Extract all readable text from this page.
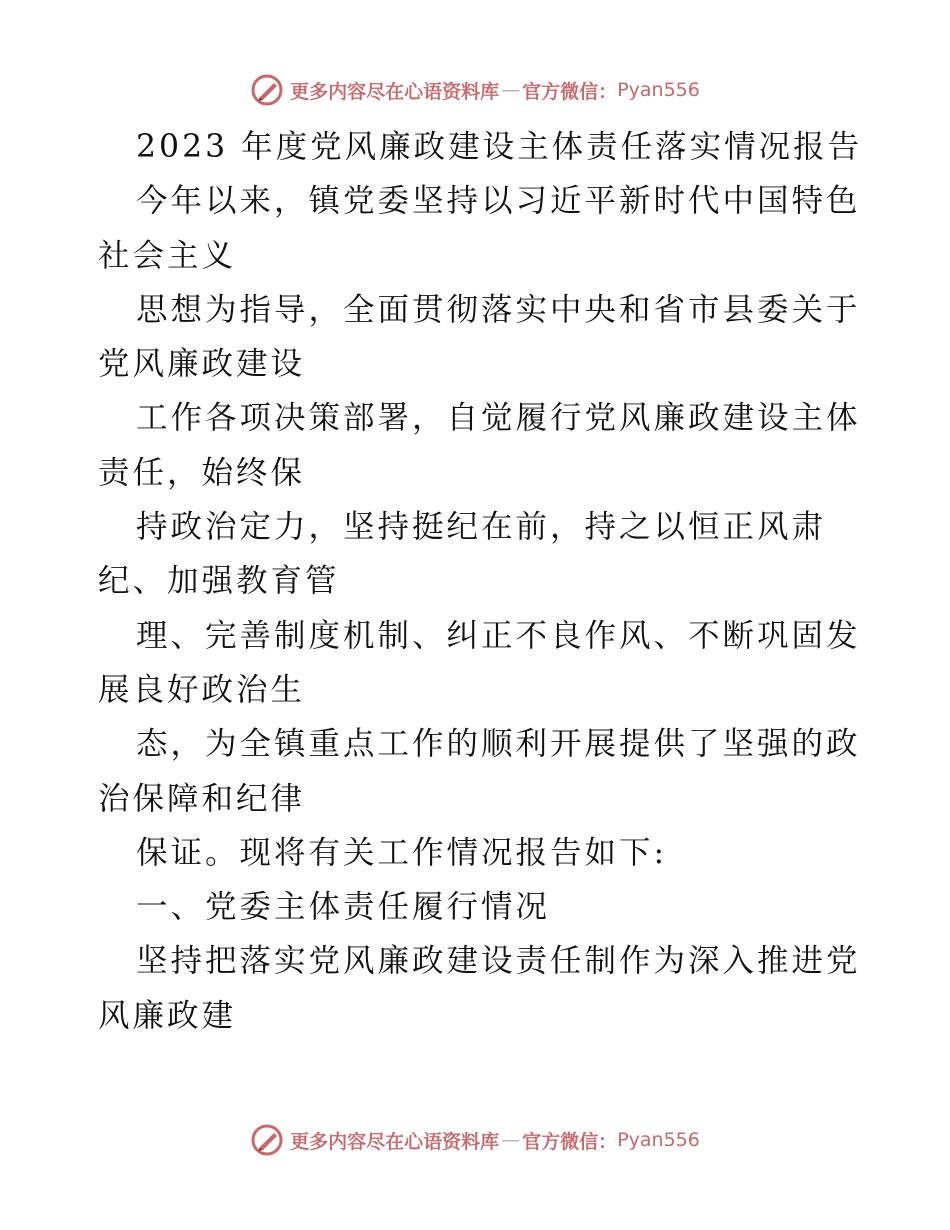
更多内容尽在心语资料库 — 官方微信： Pyan556
2023 年度党风廉政建设主体责任落实情况报告
今年以来，镇党委坚持以习近平新时代中国特色
社会主义
思想为指导，全面贯彻落实中央和省市县委关于
党风廉政建设
工作各项决策部署，自觉履行党风廉政建设主体
责任，始终保
持政治定力，坚持挺纪在前，持之以恒正风肃
纪、加强教育管
理、完善制度机制、纠正不良作风、不断巩固发
展良好政治生
态，为全镇重点工作的顺利开展提供了坚强的政
治保障和纪律
保证。现将有关工作情况报告如下:
一、党委主体责任履行情况
坚持把落实党风廉政建设责任制作为深入推进党
风廉政建
更多内容尽在心语资料库 — 官方微信： Pyan556
